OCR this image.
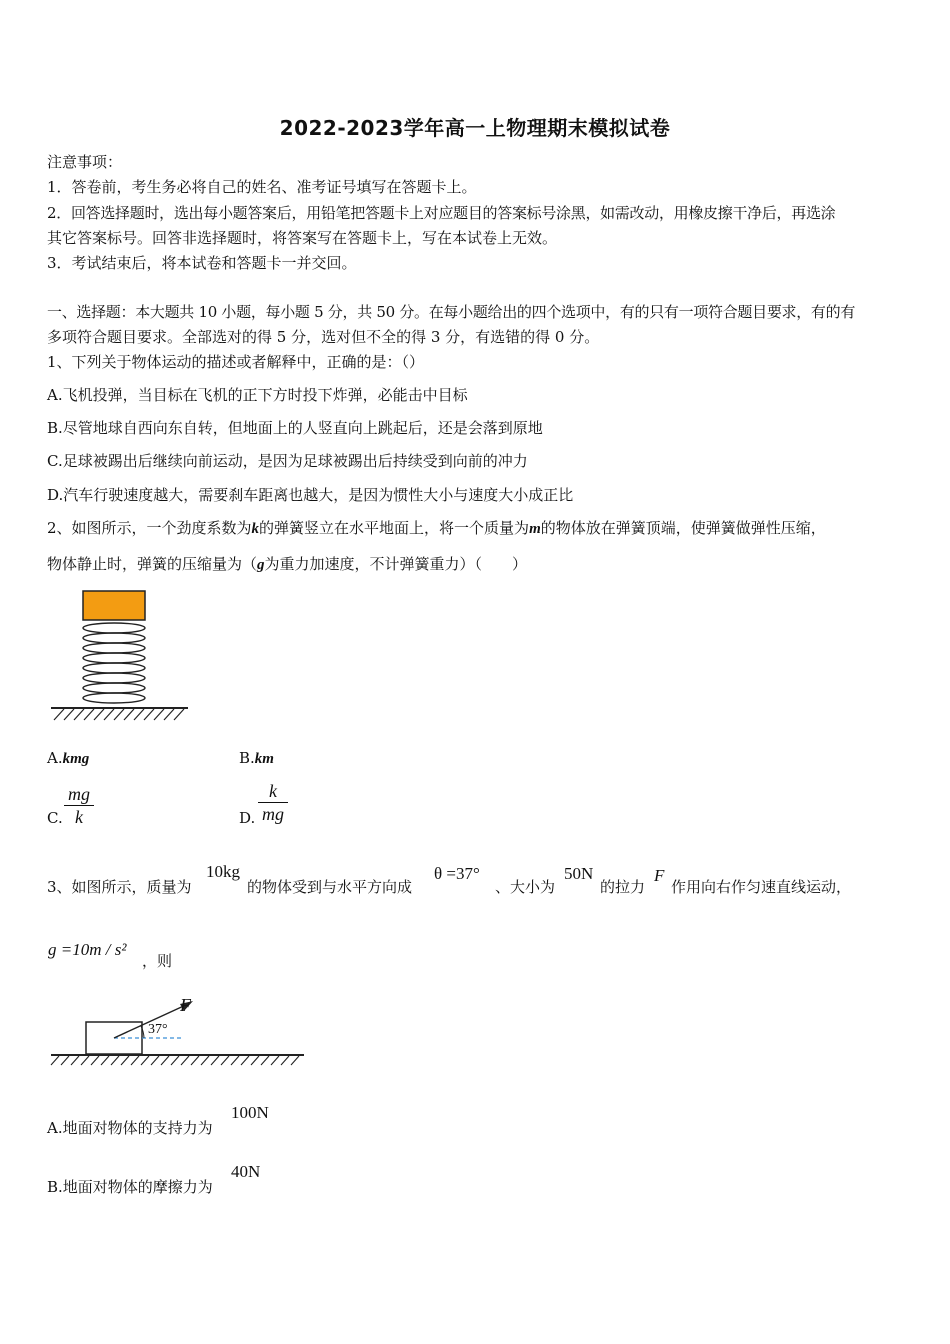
2022-2023学年高一上物理期末模拟试卷
注意事项：
1．答卷前，考生务必将自己的姓名、准考证号填写在答题卡上。
2．回答选择题时，选出每小题答案后，用铅笔把答题卡上对应题目的答案标号涂黑，如需改动，用橡皮擦干净后，再选涂
其它答案标号。回答非选择题时，将答案写在答题卡上，写在本试卷上无效。
3．考试结束后，将本试卷和答题卡一并交回。
一、选择题：本大题共 10 小题，每小题 5 分，共 50 分。在每小题给出的四个选项中，有的只有一项符合题目要求，有的有
多项符合题目要求。全部选对的得 5 分，选对但不全的得 3 分，有选错的得 0 分。
1、下列关于物体运动的描述或者解释中，正确的是：（）
A.飞机投弹，当目标在飞机的正下方时投下炸弹，必能击中目标
B.尽管地球自西向东自转，但地面上的人竖直向上跳起后，还是会落到原地
C.足球被踢出后继续向前运动，是因为足球被踢出后持续受到向前的冲力
D.汽车行驶速度越大，需要刹车距离也越大，是因为惯性大小与速度大小成正比
2、如图所示，一个劲度系数为k的弹簧竖立在水平地面上，将一个质量为m的物体放在弹簧顶端，使弹簧做弹性压缩，
物体静止时，弹簧的压缩量为（g为重力加速度，不计弹簧重力）（　　）
A.kmg	B.km
C.
mg
k	D.
k
mg
3、如图所示，质量为
10kg
的物体受到与水平方向成
θ =37°
、大小为
50N
的拉力
F
作用向右作匀速直线运动，
g =10m / s²
，则
F
37°
A.地面对物体的支持力为
100N
B.地面对物体的摩擦力为
40N
